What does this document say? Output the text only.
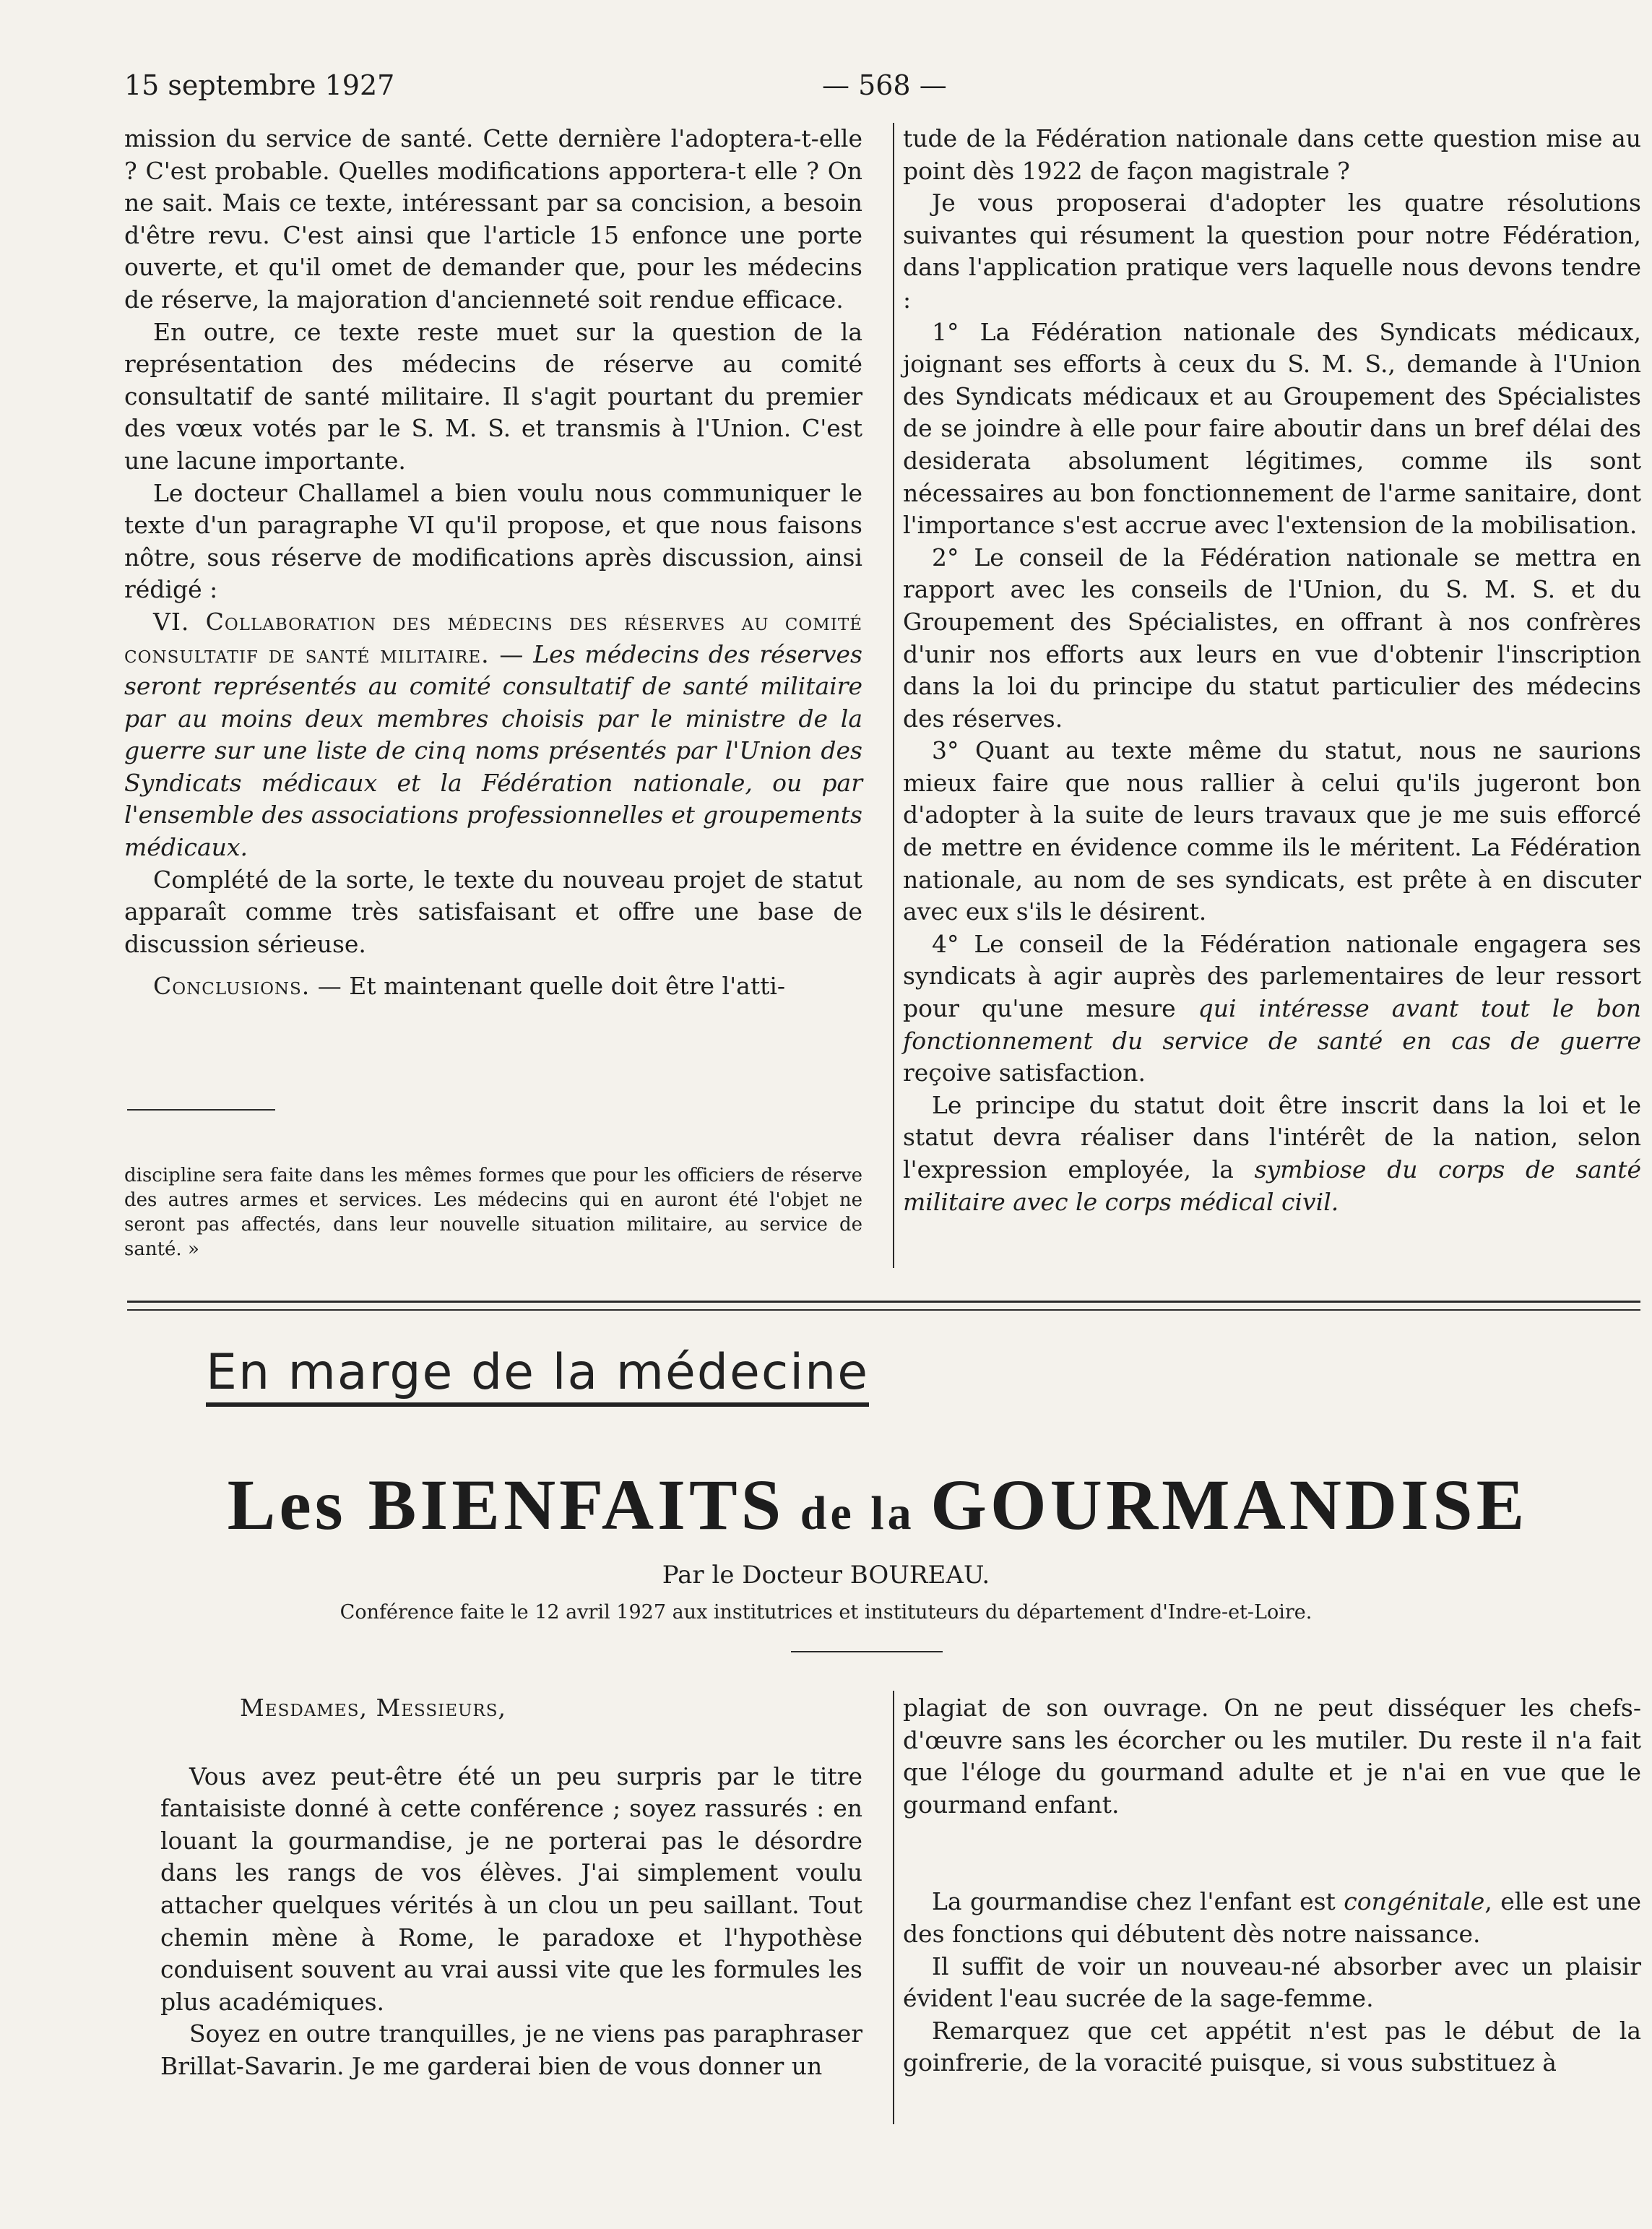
15 septembre 1927	— 568 —

mission du service de santé. Cette dernière l'adoptera-t-elle ? C'est probable. Quelles modifications apportera-t elle ? On ne sait. Mais ce texte, intéressant par sa concision, a besoin d'être revu. C'est ainsi que l'article 15 enfonce une porte ouverte, et qu'il omet de demander que, pour les médecins de réserve, la majoration d'ancienneté soit rendue efficace.

En outre, ce texte reste muet sur la question de la représentation des médecins de réserve au comité consultatif de santé militaire. Il s'agit pourtant du premier des vœux votés par le S. M. S. et transmis à l'Union. C'est une lacune importante.

Le docteur Challamel a bien voulu nous communiquer le texte d'un paragraphe VI qu'il propose, et que nous faisons nôtre, sous réserve de modifications après discussion, ainsi rédigé :

VI. Collaboration des médecins des réserves au comité consultatif de santé militaire. — Les médecins des réserves seront représentés au comité consultatif de santé militaire par au moins deux membres choisis par le ministre de la guerre sur une liste de cinq noms présentés par l'Union des Syndicats médicaux et la Fédération nationale, ou par l'ensemble des associations professionnelles et groupements médicaux.

Complété de la sorte, le texte du nouveau projet de statut apparaît comme très satisfaisant et offre une base de discussion sérieuse.

Conclusions. — Et maintenant quelle doit être l'atti-

discipline sera faite dans les mêmes formes que pour les officiers de réserve des autres armes et services. Les médecins qui en auront été l'objet ne seront pas affectés, dans leur nouvelle situation militaire, au service de santé. »

tude de la Fédération nationale dans cette question mise au point dès 1922 de façon magistrale ?

Je vous proposerai d'adopter les quatre résolutions suivantes qui résument la question pour notre Fédération, dans l'application pratique vers laquelle nous devons tendre :

1° La Fédération nationale des Syndicats médicaux, joignant ses efforts à ceux du S. M. S., demande à l'Union des Syndicats médicaux et au Groupement des Spécialistes de se joindre à elle pour faire aboutir dans un bref délai des desiderata absolument légitimes, comme ils sont nécessaires au bon fonctionnement de l'arme sanitaire, dont l'importance s'est accrue avec l'extension de la mobilisation.

2° Le conseil de la Fédération nationale se mettra en rapport avec les conseils de l'Union, du S. M. S. et du Groupement des Spécialistes, en offrant à nos confrères d'unir nos efforts aux leurs en vue d'obtenir l'inscription dans la loi du principe du statut particulier des médecins des réserves.

3° Quant au texte même du statut, nous ne saurions mieux faire que nous rallier à celui qu'ils jugeront bon d'adopter à la suite de leurs travaux que je me suis efforcé de mettre en évidence comme ils le méritent. La Fédération nationale, au nom de ses syndicats, est prête à en discuter avec eux s'ils le désirent.

4° Le conseil de la Fédération nationale engagera ses syndicats à agir auprès des parlementaires de leur ressort pour qu'une mesure qui intéresse avant tout le bon fonctionnement du service de santé en cas de guerre reçoive satisfaction.

Le principe du statut doit être inscrit dans la loi et le statut devra réaliser dans l'intérêt de la nation, selon l'expression employée, la symbiose du corps de santé militaire avec le corps médical civil.

En marge de la médecine
Les BIENFAITS de la GOURMANDISE
Par le Docteur BOUREAU.
Conférence faite le 12 avril 1927 aux institutrices et instituteurs du département d'Indre-et-Loire.

Mesdames, Messieurs,

Vous avez peut-être été un peu surpris par le titre fantaisiste donné à cette conférence ; soyez rassurés : en louant la gourmandise, je ne porterai pas le désordre dans les rangs de vos élèves. J'ai simplement voulu attacher quelques vérités à un clou un peu saillant. Tout chemin mène à Rome, le paradoxe et l'hypothèse conduisent souvent au vrai aussi vite que les formules les plus académiques.

Soyez en outre tranquilles, je ne viens pas paraphraser Brillat-Savarin. Je me garderai bien de vous donner un

plagiat de son ouvrage. On ne peut disséquer les chefs-d'œuvre sans les écorcher ou les mutiler. Du reste il n'a fait que l'éloge du gourmand adulte et je n'ai en vue que le gourmand enfant.

La gourmandise chez l'enfant est congénitale, elle est une des fonctions qui débutent dès notre naissance.

Il suffit de voir un nouveau-né absorber avec un plaisir évident l'eau sucrée de la sage-femme.

Remarquez que cet appétit n'est pas le début de la goinfrerie, de la voracité puisque, si vous substituez à
